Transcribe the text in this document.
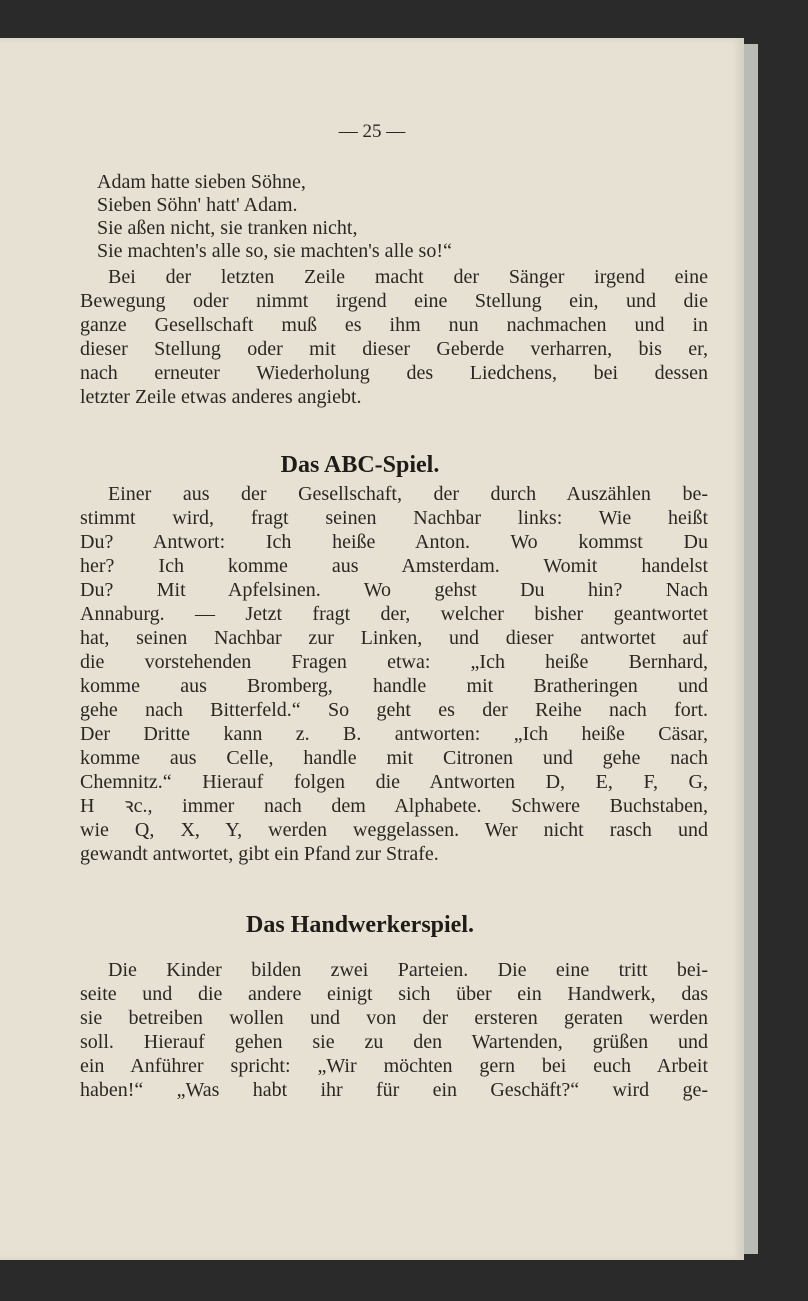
— 25 —
Adam hatte sieben Söhne,
Sieben Söhn' hatt' Adam.
Sie aßen nicht, sie tranken nicht,
Sie machten's alle so, sie machten's alle so!“
Bei der letzten Zeile macht der Sänger irgend eine
Bewegung oder nimmt irgend eine Stellung ein, und die
ganze Gesellschaft muß es ihm nun nachmachen und in
dieser Stellung oder mit dieser Geberde verharren, bis er,
nach erneuter Wiederholung des Liedchens, bei dessen
letzter Zeile etwas anderes angiebt.
Das ABC-Spiel.
Einer aus der Gesellschaft, der durch Auszählen be-
stimmt wird, fragt seinen Nachbar links: Wie heißt
Du? Antwort: Ich heiße Anton. Wo kommst Du
her? Ich komme aus Amsterdam. Womit handelst
Du? Mit Apfelsinen. Wo gehst Du hin? Nach
Annaburg. — Jetzt fragt der, welcher bisher geantwortet
hat, seinen Nachbar zur Linken, und dieser antwortet auf
die vorstehenden Fragen etwa: „Ich heiße Bernhard,
komme aus Bromberg, handle mit Bratheringen und
gehe nach Bitterfeld.“ So geht es der Reihe nach fort.
Der Dritte kann z. B. antworten: „Ich heiße Cäsar,
komme aus Celle, handle mit Citronen und gehe nach
Chemnitz.“ Hierauf folgen die Antworten D, E, F, G,
H ꝛc., immer nach dem Alphabete. Schwere Buchstaben,
wie Q, X, Y, werden weggelassen. Wer nicht rasch und
gewandt antwortet, gibt ein Pfand zur Strafe.
Das Handwerkerspiel.
Die Kinder bilden zwei Parteien. Die eine tritt bei-
seite und die andere einigt sich über ein Handwerk, das
sie betreiben wollen und von der ersteren geraten werden
soll. Hierauf gehen sie zu den Wartenden, grüßen und
ein Anführer spricht: „Wir möchten gern bei euch Arbeit
haben!“ „Was habt ihr für ein Geschäft?“ wird ge-
